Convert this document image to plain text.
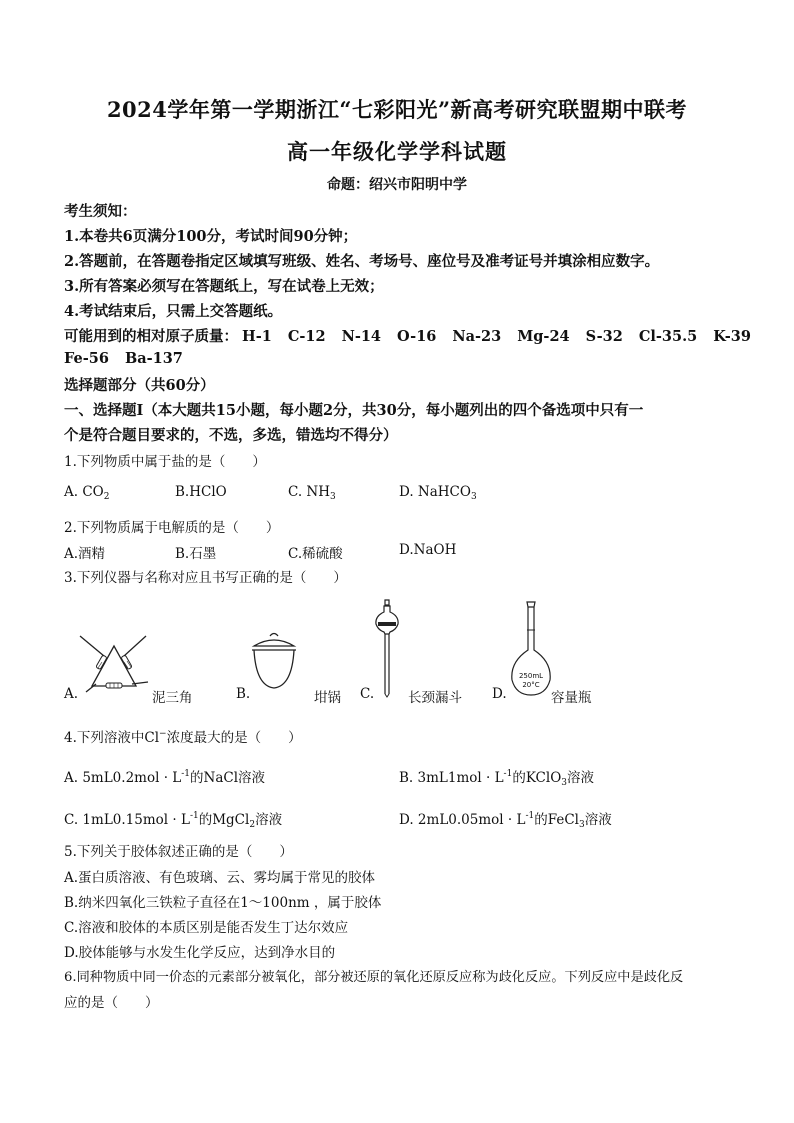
2024学年第一学期浙江“七彩阳光”新高考研究联盟期中联考
高一年级化学学科试题
命题：绍兴市阳明中学
考生须知：
1.本卷共6页满分100分，考试时间90分钟；
2.答题前，在答题卷指定区域填写班级、姓名、考场号、座位号及准考证号并填涂相应数字。
3.所有答案必须写在答题纸上，写在试卷上无效；
4.考试结束后，只需上交答题纸。
可能用到的相对原子质量： H-1 C-12 N-14 O-16 Na-23 Mg-24 S-32 Cl-35.5 K-39
Fe-56 Ba-137
选择题部分（共60分）
一、选择题Ⅰ（本大题共15小题，每小题2分，共30分，每小题列出的四个备选项中只有一
个是符合题目要求的，不选，多选，错选均不得分）
1.下列物质中属于盐的是（　　）
A. $CO_2$	B.HClO	C. $NH_3$	D. NaHCO$_3$
2.下列物质属于电解质的是（　　）
A.酒精	B.石墨	C.稀硫酸	D.NaOH
3.下列仪器与名称对应且书写正确的是（　　）
A.	泥三角	B.	坩锅 C.	长颈漏斗
250mL
20°C
D.	容量瓶
4.下列溶液中Cl−浓度最大的是（　　）
A. $5mL0.2mol \cdot L^{-1}$的NaCl溶液	B. $3mL1mol \cdot L^{-1}$的KClO$_3$溶液
C. $1mL0.15mol \cdot L^{-1}$的MgCl$_2$溶液	D. $2mL0.05mol \cdot L^{-1}$的FeCl$_3$溶液
5.下列关于胶体叙述正确的是（　　）
A.蛋白质溶液、有色玻璃、云、雾均属于常见的胶体
B.纳米四氧化三铁粒子直径在1～100nm ，属于胶体
C.溶液和胶体的本质区别是能否发生丁达尔效应
D.胶体能够与水发生化学反应，达到净水目的
6.同种物质中同一价态的元素部分被氧化，部分被还原的氧化还原反应称为歧化反应。下列反应中是歧化反
应的是（　　）
